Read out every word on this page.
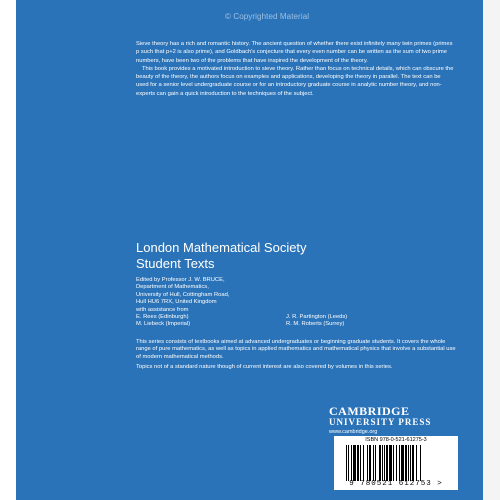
© Copyrighted Material

Sieve theory has a rich and romantic history. The ancient question of whether there exist infinitely many twin primes (primes p such that p+2 is also prime), and Goldbach's conjecture that every even number can be written as the sum of two prime numbers, have been two of the problems that have inspired the development of the theory.

This book provides a motivated introduction to sieve theory. Rather than focus on technical details, which can obscure the beauty of the theory, the authors focus on examples and applications, developing the theory in parallel. The text can be used for a senior level undergraduate course or for an introductory graduate course in analytic number theory, and non-experts can gain a quick introduction to the techniques of the subject.

London Mathematical Society
Student Texts
Edited by Professor J. W. BRUCE,
Department of Mathematics,
University of Hull, Cottingham Road,
Hull HU6 7RX, United Kingdom
with assistance from
E. Rees (Edinburgh)
M. Liebeck (Imperial)
J. R. Partington (Leeds)
R. M. Roberts (Surrey)
This series consists of textbooks aimed at advanced undergraduates or beginning graduate students. It covers the whole range of pure mathematics, as well as topics in applied mathematics and mathematical physics that involve a substantial use of modern mathematical methods.
Topics not of a standard nature though of current interest are also covered by volumes in this series.
CAMBRIDGE
UNIVERSITY PRESS
www.cambridge.org
ISBN 978-0-521-61275-3
9 780521 612753 >
